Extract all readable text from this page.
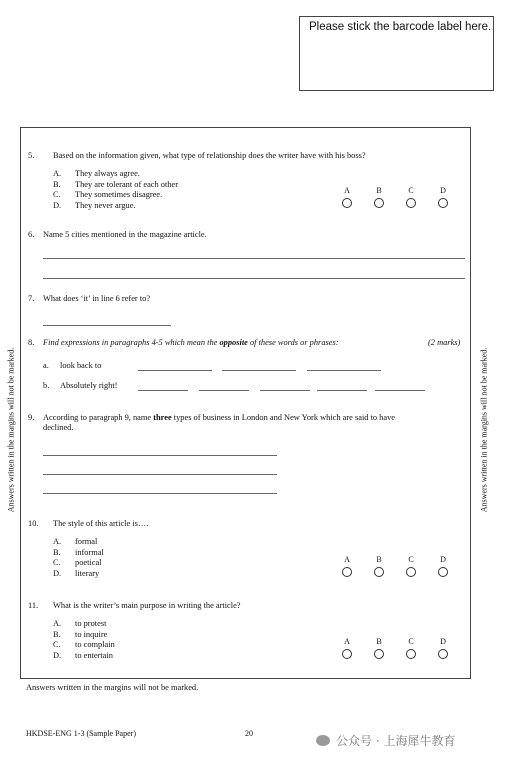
Please stick the barcode label here.
Answers written in the margins will not be marked.	Answers written in the margins will not be marked.
5. Based on the information given, what type of relationship does the writer have with his boss?
A. They always agree.
B. They are tolerant of each other
C. They sometimes disagree.
D. They never argue.
A	B	C	D
6. Name 5 cities mentioned in the magazine article.
7. What does ‘it’ in line 6 refer to?
8. Find expressions in paragraphs 4-5 which mean the opposite of these words or phrases:	(2 marks)
a. look back to
b. Absolutely right!
9. According to paragraph 9, name three types of business in London and New York which are said to have
declined.
10. The style of this article is….
A. formal
B. informal
C. poetical
D. literary
A	B	C	D
11. What is the writer’s main purpose in writing the article?
A. to protest
B. to inquire
C. to complain
D. to entertain
A	B	C	D
Answers written in the margins will not be marked.
HKDSE-ENG 1-3 (Sample Paper)	20
公众号 · 上海犀牛教育
